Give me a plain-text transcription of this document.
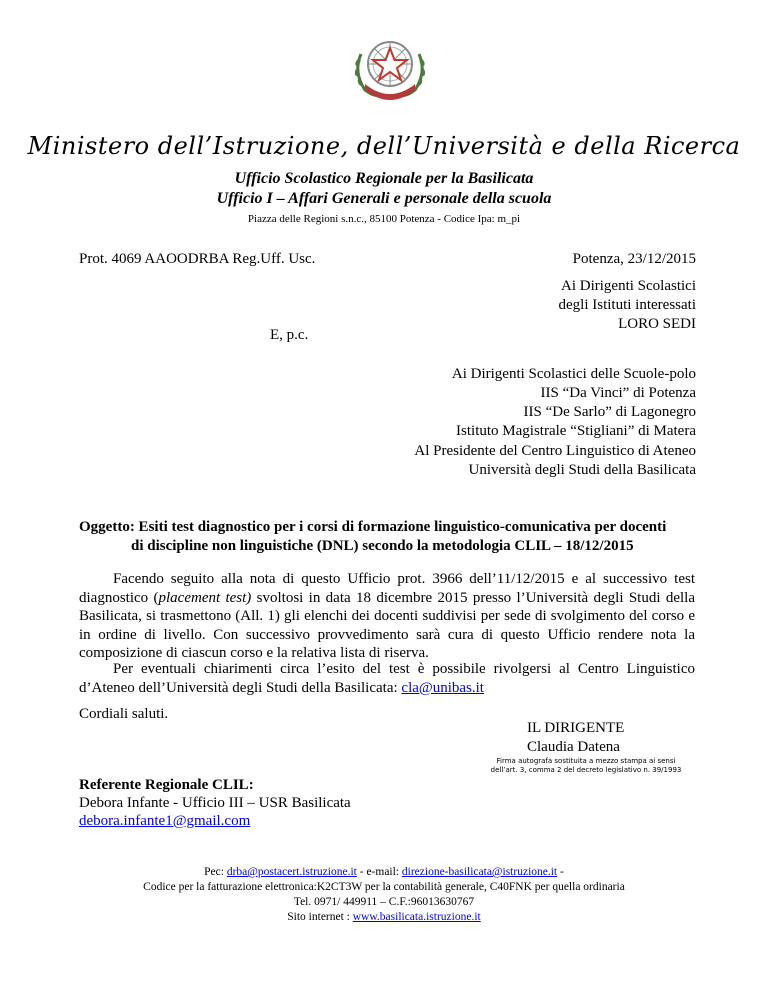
REPUBBLICA ITALIAN
Ministero dell’Istruzione, dell’Università e della Ricerca
Ufficio Scolastico Regionale per la Basilicata
Ufficio I – Affari Generali e personale della scuola
Piazza delle Regioni s.n.c., 85100 Potenza - Codice Ipa: m_pi
Prot. 4069 AAOODRBA Reg.Uff. Usc.	Potenza, 23/12/2015
Ai Dirigenti Scolastici
degli Istituti interessati
LORO SEDI
E, p.c.
Ai Dirigenti Scolastici delle Scuole-polo
IIS “Da Vinci” di Potenza
IIS “De Sarlo” di Lagonegro
Istituto Magistrale “Stigliani” di Matera
Al Presidente del Centro Linguistico di Ateneo
Università degli Studi della Basilicata
Oggetto: Esiti test diagnostico per i corsi di formazione linguistico-comunicativa per docenti
di discipline non linguistiche (DNL) secondo la metodologia CLIL – 18/12/2015
Facendo seguito alla nota di questo Ufficio prot. 3966 dell’11/12/2015 e al successivo test diagnostico (placement test) svoltosi in data 18 dicembre 2015 presso l’Università degli Studi della Basilicata, si trasmettono (All. 1) gli elenchi dei docenti suddivisi per sede di svolgimento del corso e in ordine di livello. Con successivo provvedimento sarà cura di questo Ufficio rendere nota la composizione di ciascun corso e la relativa lista di riserva.
Per eventuali chiarimenti circa l’esito del test è possibile rivolgersi al Centro Linguistico d’Ateneo dell’Università degli Studi della Basilicata: cla@unibas.it
Cordiali saluti.
IL DIRIGENTE
Claudia Datena
Firma autografa sostituita a mezzo stampa ai sensi
dell’art. 3, comma 2 del decreto legislativo n. 39/1993
Referente Regionale CLIL:
Debora Infante - Ufficio III – USR Basilicata
debora.infante1@gmail.com
Pec: drba@postacert.istruzione.it - e-mail: direzione-basilicata@istruzione.it -
Codice per la fatturazione elettronica:K2CT3W per la contabilità generale, C40FNK per quella ordinaria
Tel. 0971/ 449911 – C.F.:96013630767
Sito internet : www.basilicata.istruzione.it
